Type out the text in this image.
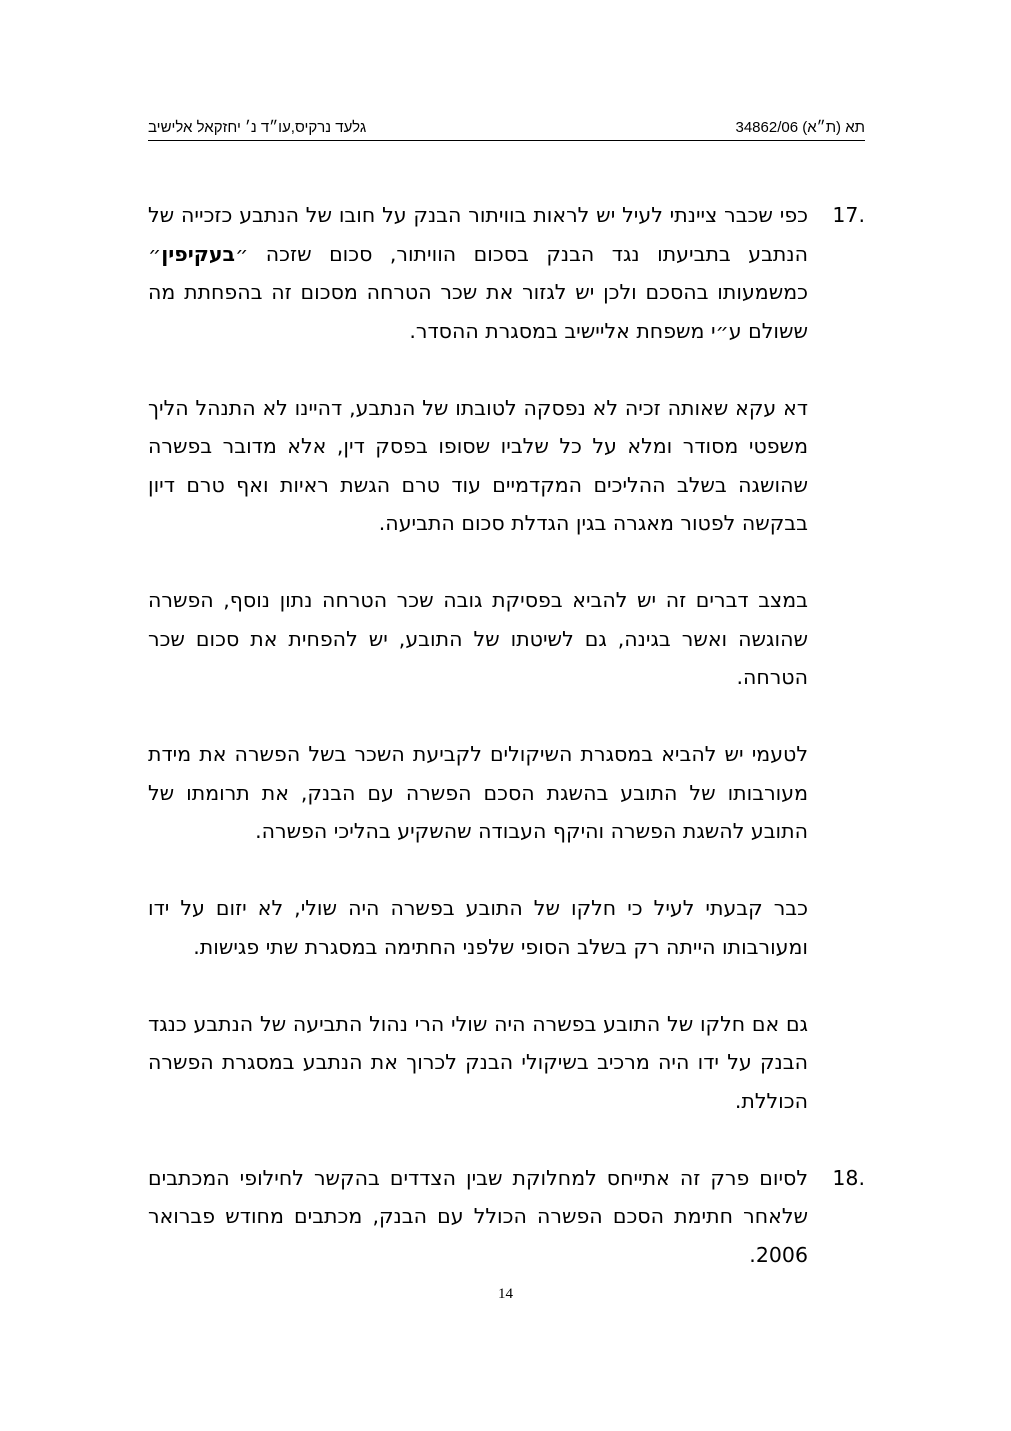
תא (ת״א) 34862/06
גלעד נרקיס,עו״ד נ׳ יחזקאל אלישיב

17.
כפי שכבר ציינתי לעיל יש לראות בוויתור הבנק על חובו של הנתבע כזכייה של הנתבע בתביעתו נגד הבנק בסכום הוויתור, סכום שזכה ״בעקיפין״ כמשמעותו בהסכם ולכן יש לגזור את שכר הטרחה מסכום זה בהפחתת מה ששולם ע״י משפחת אליישיב במסגרת ההסדר.

דא עקא שאותה זכיה לא נפסקה לטובתו של הנתבע, דהיינו לא התנהל הליך משפטי מסודר ומלא על כל שלביו שסופו בפסק דין, אלא מדובר בפשרה שהושגה בשלב ההליכים המקדמיים עוד טרם הגשת ראיות ואף טרם דיון בבקשה לפטור מאגרה בגין הגדלת סכום התביעה.

במצב דברים זה יש להביא בפסיקת גובה שכר הטרחה נתון נוסף, הפשרה שהוגשה ואשר בגינה, גם לשיטתו של התובע, יש להפחית את סכום שכר הטרחה.

לטעמי יש להביא במסגרת השיקולים לקביעת השכר בשל הפשרה את מידת מעורבותו של התובע בהשגת הסכם הפשרה עם הבנק, את תרומתו של התובע להשגת הפשרה והיקף העבודה שהשקיע בהליכי הפשרה.

כבר קבעתי לעיל כי חלקו של התובע בפשרה היה שולי, לא יזום על ידו ומעורבותו הייתה רק בשלב הסופי שלפני החתימה במסגרת שתי פגישות.

גם אם חלקו של התובע בפשרה היה שולי הרי נהול התביעה של הנתבע כנגד הבנק על ידו היה מרכיב בשיקולי הבנק לכרוך את הנתבע במסגרת הפשרה הכוללת.

18.
לסיום פרק זה אתייחס למחלוקת שבין הצדדים בהקשר לחילופי המכתבים שלאחר חתימת הסכם הפשרה הכולל עם הבנק, מכתבים מחודש פברואר 2006.

14
